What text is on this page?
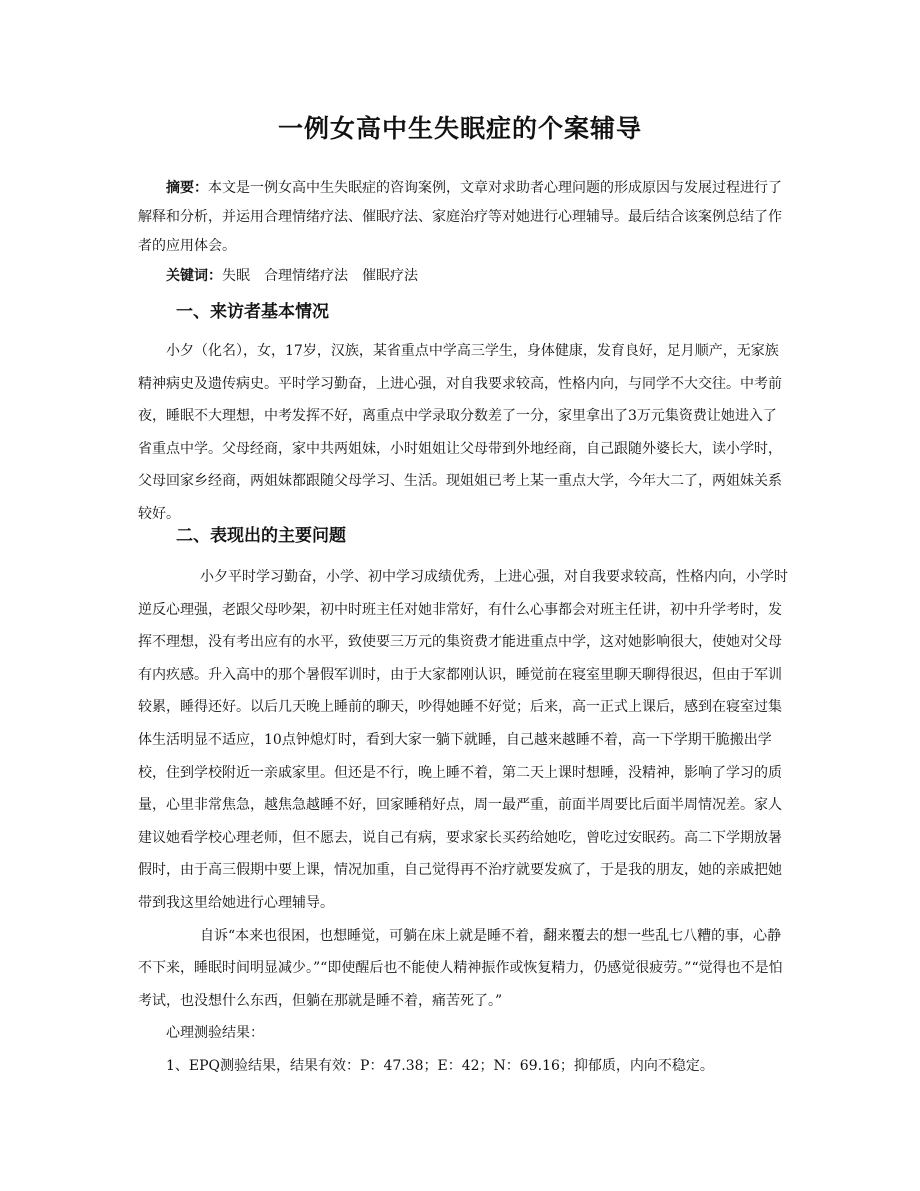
一例女高中生失眠症的个案辅导

摘要：本文是一例女高中生失眠症的咨询案例，文章对求助者心理问题的形成原因与发展过程进行了解释和分析，并运用合理情绪疗法、催眠疗法、家庭治疗等对她进行心理辅导。最后结合该案例总结了作者的应用体会。

关键词：失眠　合理情绪疗法　催眠疗法
一、来访者基本情况

小夕（化名），女，17岁，汉族，某省重点中学高三学生，身体健康，发育良好，足月顺产，无家族精神病史及遗传病史。平时学习勤奋，上进心强，对自我要求较高，性格内向，与同学不大交往。中考前夜，睡眠不大理想，中考发挥不好，离重点中学录取分数差了一分，家里拿出了3万元集资费让她进入了省重点中学。父母经商，家中共两姐妹，小时姐姐让父母带到外地经商，自己跟随外婆长大，读小学时，父母回家乡经商，两姐妹都跟随父母学习、生活。现姐姐已考上某一重点大学，今年大二了，两姐妹关系较好。

二、表现出的主要问题

小夕平时学习勤奋，小学、初中学习成绩优秀，上进心强，对自我要求较高，性格内向，小学时逆反心理强，老跟父母吵架，初中时班主任对她非常好，有什么心事都会对班主任讲，初中升学考时，发挥不理想，没有考出应有的水平，致使要三万元的集资费才能进重点中学，这对她影响很大，使她对父母有内疚感。升入高中的那个暑假军训时，由于大家都刚认识，睡觉前在寝室里聊天聊得很迟，但由于军训较累，睡得还好。以后几天晚上睡前的聊天，吵得她睡不好觉；后来，高一正式上课后，感到在寝室过集体生活明显不适应，10点钟熄灯时，看到大家一躺下就睡，自己越来越睡不着，高一下学期干脆搬出学校，住到学校附近一亲戚家里。但还是不行，晚上睡不着，第二天上课时想睡，没精神，影响了学习的质量，心里非常焦急，越焦急越睡不好，回家睡稍好点，周一最严重，前面半周要比后面半周情况差。家人建议她看学校心理老师，但不愿去，说自己有病，要求家长买药给她吃，曾吃过安眠药。高二下学期放暑假时，由于高三假期中要上课，情况加重，自己觉得再不治疗就要发疯了，于是我的朋友，她的亲戚把她带到我这里给她进行心理辅导。

自诉“本来也很困，也想睡觉，可躺在床上就是睡不着，翻来覆去的想一些乱七八糟的事，心静不下来，睡眠时间明显减少。”“即使醒后也不能使人精神振作或恢复精力，仍感觉很疲劳。”“觉得也不是怕考试，也没想什么东西，但躺在那就是睡不着，痛苦死了。”

心理测验结果：

1、EPQ测验结果，结果有效：P：47.38；E：42；N：69.16；抑郁质，内向不稳定。
